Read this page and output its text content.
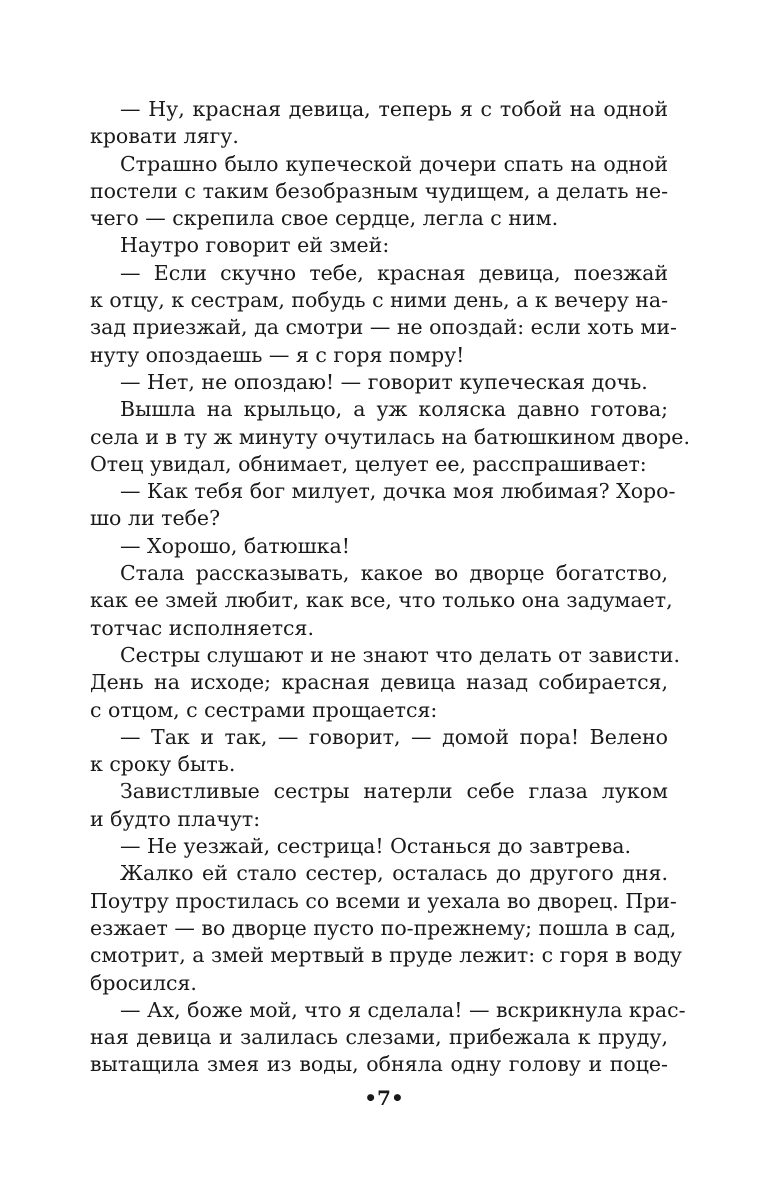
— Ну, красная девица, теперь я с тобой на одной
кровати лягу.
Страшно было купеческой дочери спать на одной
постели с таким безобразным чудищем, а делать не-
чего — скрепила свое сердце, легла с ним.
Наутро говорит ей змей:
— Если скучно тебе, красная девица, поезжай
к отцу, к сестрам, побудь с ними день, а к вечеру на-
зад приезжай, да смотри — не опоздай: если хоть ми-
нуту опоздаешь — я с горя помру!
— Нет, не опоздаю! — говорит купеческая дочь.
Вышла на крыльцо, а уж коляска давно готова;
села и в ту ж минуту очутилась на батюшкином дворе.
Отец увидал, обнимает, целует ее, расспрашивает:
— Как тебя бог милует, дочка моя любимая? Хоро-
шо ли тебе?
— Хорошо, батюшка!
Стала рассказывать, какое во дворце богатство,
как ее змей любит, как все, что только она задумает,
тотчас исполняется.
Сестры слушают и не знают что делать от зависти.
День на исходе; красная девица назад собирается,
с отцом, с сестрами прощается:
— Так и так, — говорит, — домой пора! Велено
к сроку быть.
Завистливые сестры натерли себе глаза луком
и будто плачут:
— Не уезжай, сестрица! Останься до завтрева.
Жалко ей стало сестер, осталась до другого дня.
Поутру простилась со всеми и уехала во дворец. При-
езжает — во дворце пусто по-прежнему; пошла в сад,
смотрит, а змей мертвый в пруде лежит: с горя в воду
бросился.
— Ах, боже мой, что я сделала! — вскрикнула крас-
ная девица и залилась слезами, прибежала к пруду,
вытащила змея из воды, обняла одну голову и поце-
•7•
